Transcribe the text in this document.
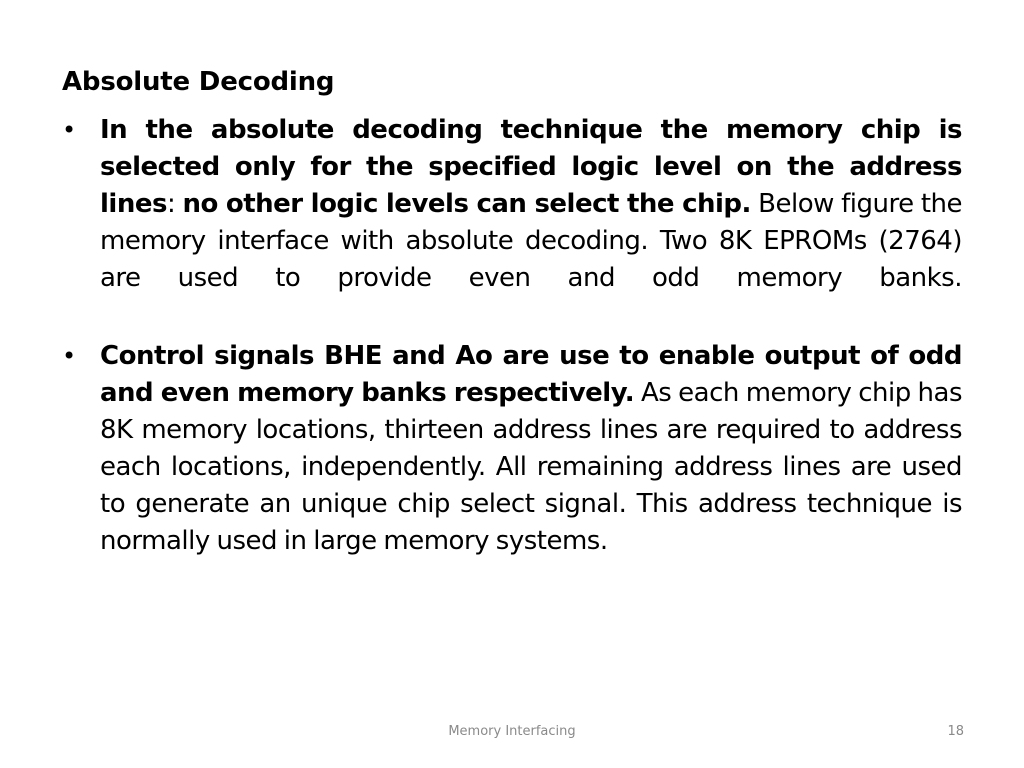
Absolute Decoding
• In the absolute decoding technique the memory chip is selected only for the specified logic level on the address lines: no other logic levels can select the chip. Below figure the memory interface with absolute decoding. Two 8K EPROMs (2764) are used to provide even and odd memory banks.
• Control signals BHE and Ao are use to enable output of odd and even memory banks respectively. As each memory chip has 8K memory locations, thirteen address lines are required to address each locations, independently. All remaining address lines are used to generate an unique chip select signal. This address technique is normally used in large memory systems.
Memory Interfacing	18
